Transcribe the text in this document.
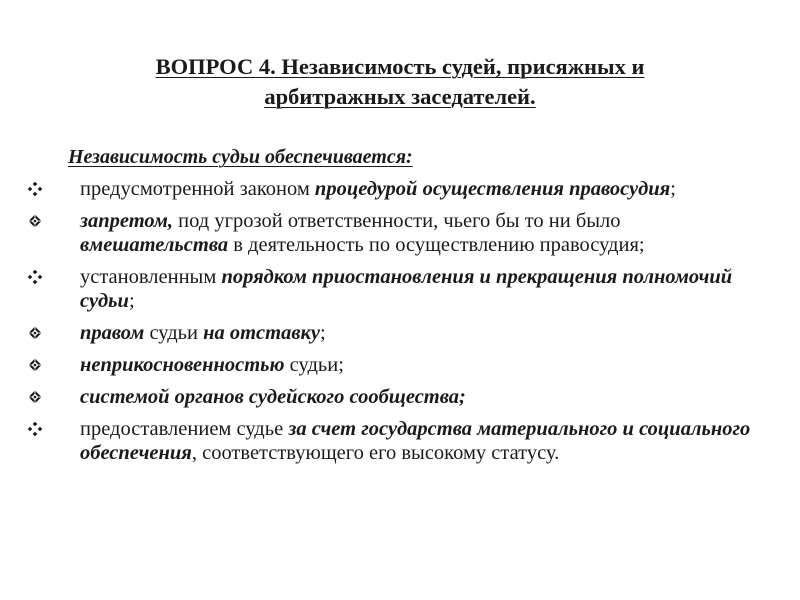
ВОПРОС 4. Независимость судей, присяжных и
арбитражных заседателей.
Независимость судьи обеспечивается:
предусмотренной законом процедурой осуществления правосудия;
запретом, под угрозой ответственности, чьего бы то ни было вмешательства в деятельность по осуществлению правосудия;
установленным порядком приостановления и прекращения полномочий судьи;
правом судьи на отставку;
неприкосновенностью судьи;
системой органов судейского сообщества;
предоставлением судье за счет государства материального и социального обеспечения, соответствующего его высокому статусу.
